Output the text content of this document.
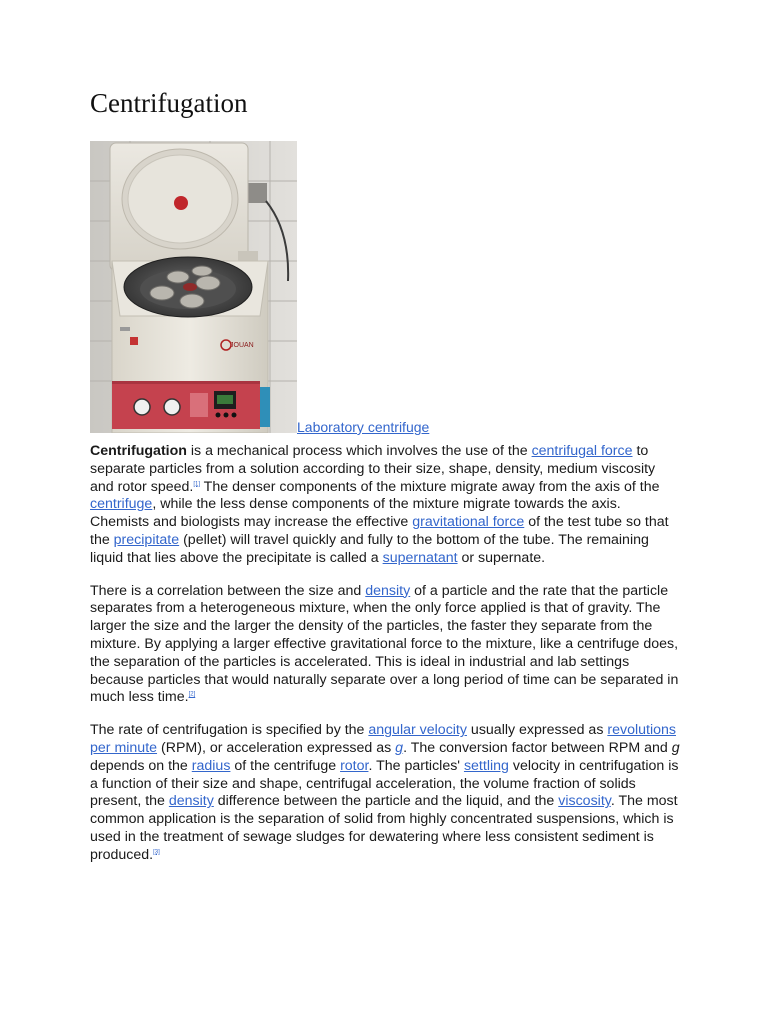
Centrifugation
JOUAN
Laboratory centrifuge

Centrifugation is a mechanical process which involves the use of the centrifugal force to separate particles from a solution according to their size, shape, density, medium viscosity and rotor speed.[1] The denser components of the mixture migrate away from the axis of the centrifuge, while the less dense components of the mixture migrate towards the axis. Chemists and biologists may increase the effective gravitational force of the test tube so that the precipitate (pellet) will travel quickly and fully to the bottom of the tube. The remaining liquid that lies above the precipitate is called a supernatant or supernate.

There is a correlation between the size and density of a particle and the rate that the particle separates from a heterogeneous mixture, when the only force applied is that of gravity. The larger the size and the larger the density of the particles, the faster they separate from the mixture. By applying a larger effective gravitational force to the mixture, like a centrifuge does, the separation of the particles is accelerated. This is ideal in industrial and lab settings because particles that would naturally separate over a long period of time can be separated in much less time.[2]

The rate of centrifugation is specified by the angular velocity usually expressed as revolutions per minute (RPM), or acceleration expressed as g. The conversion factor between RPM and g depends on the radius of the centrifuge rotor. The particles' settling velocity in centrifugation is a function of their size and shape, centrifugal acceleration, the volume fraction of solids present, the density difference between the particle and the liquid, and the viscosity. The most common application is the separation of solid from highly concentrated suspensions, which is used in the treatment of sewage sludges for dewatering where less consistent sediment is produced.[3]
